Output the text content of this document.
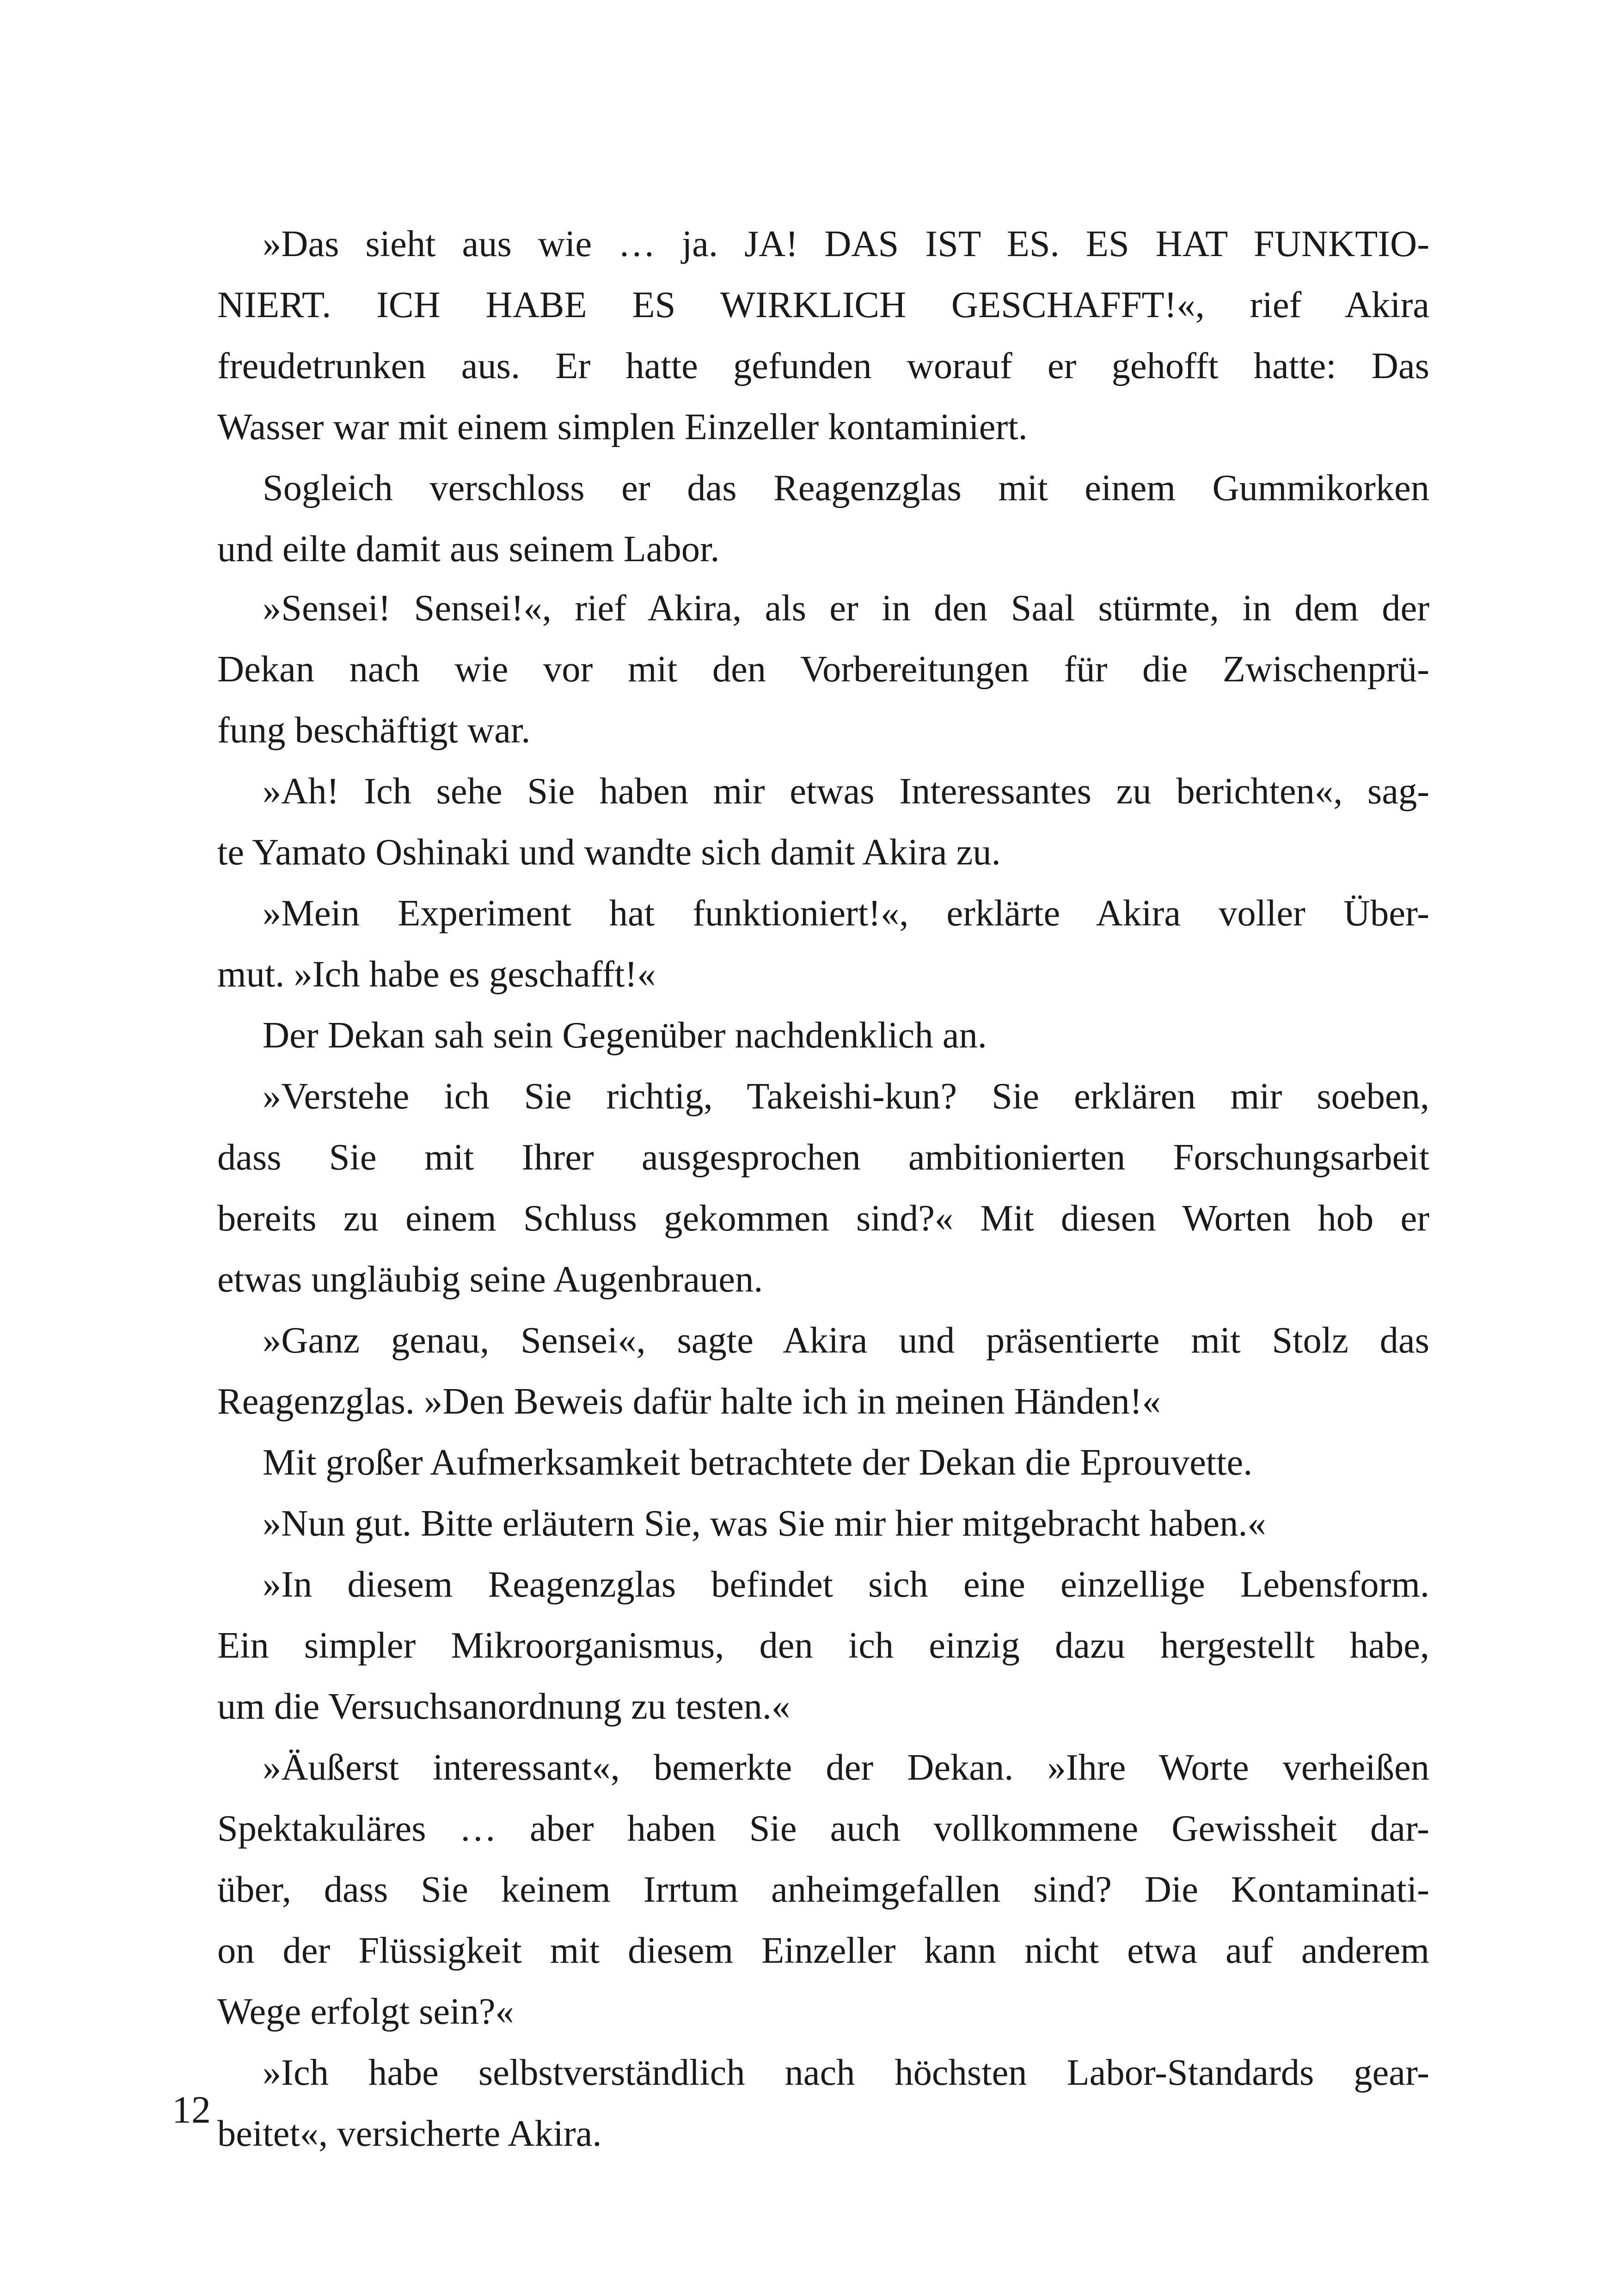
»Das sieht aus wie … ja. JA! DAS IST ES. ES HAT FUNKTIO-
NIERT. ICH HABE ES WIRKLICH GESCHAFFT!«, rief Akira
freudetrunken aus. Er hatte gefunden worauf er gehofft hatte: Das
Wasser war mit einem simplen Einzeller kontaminiert.

Sogleich verschloss er das Reagenzglas mit einem Gummikorken
und eilte damit aus seinem Labor.

»Sensei! Sensei!«, rief Akira, als er in den Saal stürmte, in dem der
Dekan nach wie vor mit den Vorbereitungen für die Zwischenprü-
fung beschäftigt war.

»Ah! Ich sehe Sie haben mir etwas Interessantes zu berichten«, sag-
te Yamato Oshinaki und wandte sich damit Akira zu.

»Mein Experiment hat funktioniert!«, erklärte Akira voller Über-
mut. »Ich habe es geschafft!«

Der Dekan sah sein Gegenüber nachdenklich an.

»Verstehe ich Sie richtig, Takeishi-kun? Sie erklären mir soeben,
dass Sie mit Ihrer ausgesprochen ambitionierten Forschungsarbeit
bereits zu einem Schluss gekommen sind?« Mit diesen Worten hob er
etwas ungläubig seine Augenbrauen.

»Ganz genau, Sensei«, sagte Akira und präsentierte mit Stolz das
Reagenzglas. »Den Beweis dafür halte ich in meinen Händen!«

Mit großer Aufmerksamkeit betrachtete der Dekan die Eprouvette.

»Nun gut. Bitte erläutern Sie, was Sie mir hier mitgebracht haben.«

»In diesem Reagenzglas befindet sich eine einzellige Lebensform.
Ein simpler Mikroorganismus, den ich einzig dazu hergestellt habe,
um die Versuchsanordnung zu testen.«

»Äußerst interessant«, bemerkte der Dekan. »Ihre Worte verheißen
Spektakuläres … aber haben Sie auch vollkommene Gewissheit dar-
über, dass Sie keinem Irrtum anheimgefallen sind? Die Kontaminati-
on der Flüssigkeit mit diesem Einzeller kann nicht etwa auf anderem
Wege erfolgt sein?«

»Ich habe selbstverständlich nach höchsten Labor-Standards gear-
beitet«, versicherte Akira.

12
